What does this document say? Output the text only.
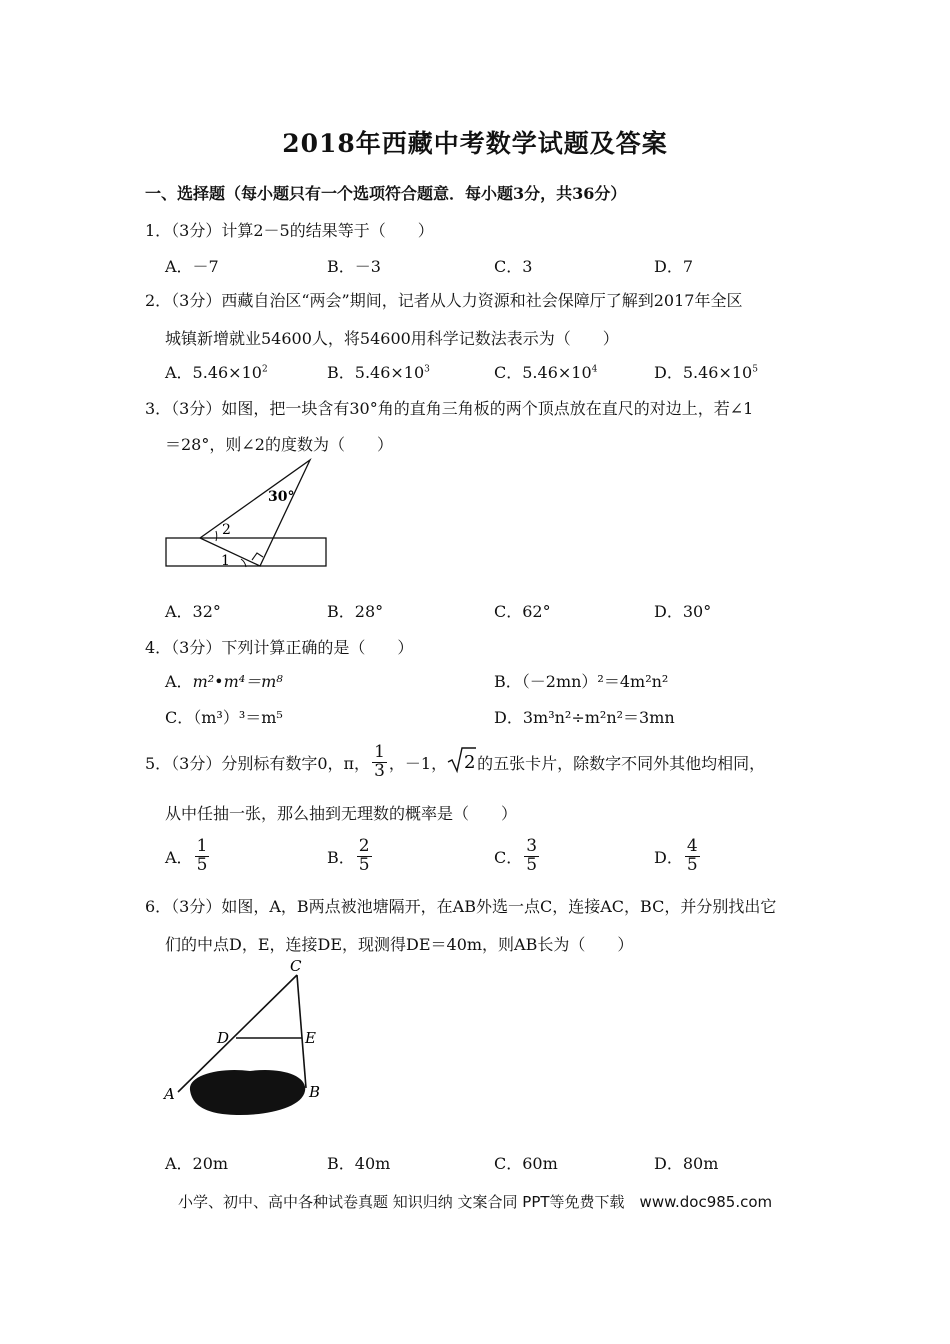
2018年西藏中考数学试题及答案
一、选择题（每小题只有一个选项符合题意．每小题3分，共36分）
1．（3分）计算2－5的结果等于（　　）
A．－7	B．－3	C．3	D．7
2．（3分）西藏自治区“两会”期间，记者从人力资源和社会保障厅了解到2017年全区
城镇新增就业54600人，将54600用科学记数法表示为（　　）
A．$5.46\times 10^2$	B．$5.46\times 10^3$	C．$5.46\times 10^4$	D．$5.46\times 10^5$
3．（3分）如图，把一块含有30°角的直角三角板的两个顶点放在直尺的对边上，若∠1
＝28°，则∠2的度数为（　　）
30°
2
1
A．32°	B．28°	C．62°	D．30°
4．（3分）下列计算正确的是（　　）
A．m²•m⁴＝m⁸	B．（－2mn）²＝4m²n²
C．（m³）³＝m⁵	D．3m³n²÷m²n²＝3mn
5．（3分）分别标有数字0，π， $\frac{1}{3}$ ，－1， 2 的五张卡片，除数字不同外其他均相同，
从中任抽一张，那么抽到无理数的概率是（　　）
A． $\frac{1}{5}$	B． $\frac{2}{5}$	C． $\frac{3}{5}$	D． $\frac{4}{5}$
6．（3分）如图，A，B两点被池塘隔开，在AB外选一点C，连接AC，BC，并分别找出它
们的中点D，E，连接DE，现测得DE＝40m，则AB长为（　　）
C
D	E
A	B
A．20m	B．40m	C．60m	D．80m
小学、初中、高中各种试卷真题 知识归纳 文案合同 PPT等免费下载　www.doc985.com
